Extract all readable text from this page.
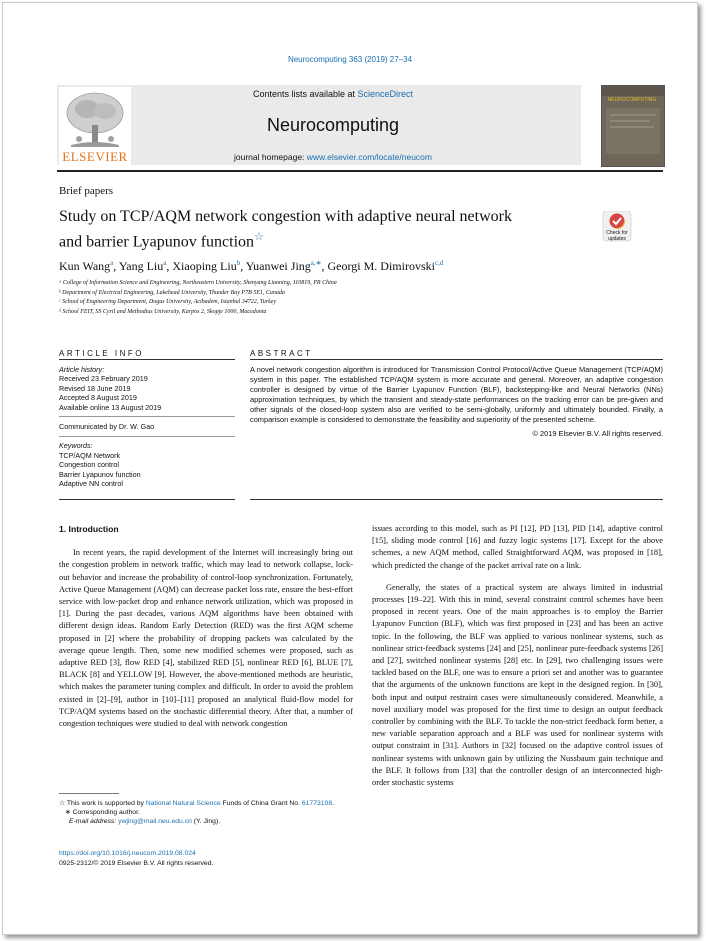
Neurocomputing 363 (2019) 27–34
ELSEVIER
Contents lists available at ScienceDirect
Neurocomputing
journal homepage: www.elsevier.com/locate/neucom
NEUROCOMPUTING
Brief papers
Study on TCP/AQM network congestion with adaptive neural network
and barrier Lyapunov function☆	Check for updates
Kun Wang$^a$, Yang Liu$^a$, Xiaoping Liu$^b$, Yuanwei Jing$^{a,∗}$, Georgi M. Dimirovski$^{c,d}$
ᵃ College of Information Science and Engineering, Northeastern University, Shenyang Liaoning, 110819, PR China
ᵇ Department of Electrical Engineering, Lakehead University, Thunder Bay P7B 5E1, Canada
ᶜ School of Engineering Department, Dogus University, Acibadem, Istanbul 34722, Turkey
ᵈ School FEIT, SS Cyril and Methodius University, Karpos 2, Skopje 1000, Macedonia
ARTICLE INFO	ABSTRACT
Article history:
Received 23 February 2019
Revised 18 June 2019
Accepted 8 August 2019
Available online 13 August 2019
Communicated by Dr. W. Gao
Keywords:
TCP/AQM Network
Congestion control
Barrier Lyapunov function
Adaptive NN control

A novel network congestion algorithm is introduced for Transmission Control Protocol/Active Queue Management (TCP/AQM) system in this paper. The established TCP/AQM system is more accurate and general. Moreover, an adaptive congestion controller is designed by virtue of the Barrier Lyapunov Function (BLF), backstepping-like and Neural Networks (NNs) approximation techniques, by which the transient and steady-state performances on the tracking error can be pre-given and other signals of the closed-loop system also are verified to be semi-globally, uniformly and ultimately bounded. Finally, a comparison example is considered to demonstrate the feasibility and superiority of the presented scheme.

© 2019 Elsevier B.V. All rights reserved.

1. Introduction

In recent years, the rapid development of the Internet will increasingly bring out the congestion problem in network traffic, which may lead to network collapse, lock-out behavior and increase the probability of control-loop synchronization. Fortunately, Active Queue Management (AQM) can decrease packet loss rate, ensure the best-effort service with low-packet drop and enhance network utilization, which was proposed in [1]. During the past decades, various AQM algorithms have been obtained with different design ideas. Random Early Detection (RED) was the first AQM scheme proposed in [2] where the probability of dropping packets was calculated by the average queue length. Then, some new modified schemes were proposed, such as adaptive RED [3], flow RED [4], stabilized RED [5], nonlinear RED [6], BLUE [7], BLACK [8] and YELLOW [9]. However, the above-mentioned methods are heuristic, which makes the parameter tuning complex and difficult. In order to avoid the problem existed in [2]–[9], author in [10]–[11] proposed an analytical fluid-flow model for TCP/AQM systems based on the stochastic differential theory. After that, a number of congestion techniques were studied to deal with network congestion

issues according to this model, such as PI [12], PD [13], PID [14], adaptive control [15], sliding mode control [16] and fuzzy logic systems [17]. Except for the above schemes, a new AQM method, called Straightforward AQM, was proposed in [18], which predicted the change of the packet arrival rate on a link.

Generally, the states of a practical system are always limited in industrial processes [19–22]. With this in mind, several constraint control schemes have been proposed in recent years. One of the main approaches is to employ the Barrier Lyapunov Function (BLF), which was first proposed in [23] and has been an active topic. In the following, the BLF was applied to various nonlinear systems, such as nonlinear strict-feedback systems [24] and [25], nonlinear pure-feedback systems [26] and [27], switched nonlinear systems [28] etc. In [29], two challenging issues were tackled based on the BLF, one was to ensure a priori set and another was to guarantee that the arguments of the unknown functions are kept in the designed region. In [30], both input and output restraint cases were simultaneously considered. Meanwhile, a novel auxiliary model was proposed for the first time to design an output feedback controller by combining with the BLF. To tackle the non-strict feedback form better, a new variable separation approach and a BLF was used for nonlinear systems with output constraint in [31]. Authors in [32] focused on the adaptive control issues of nonlinear systems with unknown gain by utilizing the Nussbaum gain technique and the BLF. It follows from [33] that the controller design of an interconnected high-order stochastic systems

☆ This work is supported by National Natural Science Funds of China Grant No. 61773108.
∗ Corresponding author.
E-mail address: ywjing@mail.neu.edu.cn (Y. Jing).
https://doi.org/10.1016/j.neucom.2019.08.024
0925-2312/© 2019 Elsevier B.V. All rights reserved.
